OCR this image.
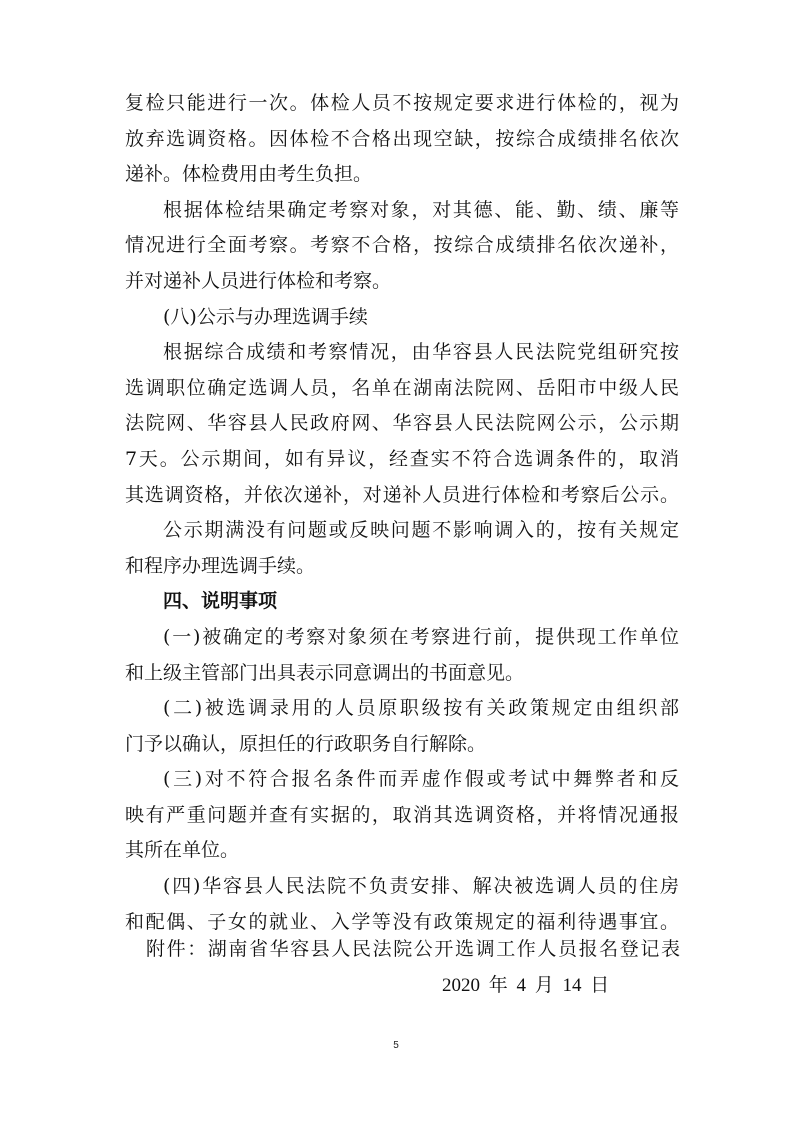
复检只能进行一次。体检人员不按规定要求进行体检的，视为
放弃选调资格。因体检不合格出现空缺，按综合成绩排名依次
递补。体检费用由考生负担。
根据体检结果确定考察对象，对其德、能、勤、绩、廉等
情况进行全面考察。考察不合格，按综合成绩排名依次递补，
并对递补人员进行体检和考察。
(八)公示与办理选调手续
根据综合成绩和考察情况，由华容县人民法院党组研究按
选调职位确定选调人员，名单在湖南法院网、岳阳市中级人民
法院网、华容县人民政府网、华容县人民法院网公示，公示期
7天。公示期间，如有异议，经查实不符合选调条件的，取消
其选调资格，并依次递补，对递补人员进行体检和考察后公示。
公示期满没有问题或反映问题不影响调入的，按有关规定
和程序办理选调手续。
四、说明事项
(一)被确定的考察对象须在考察进行前，提供现工作单位
和上级主管部门出具表示同意调出的书面意见。
(二)被选调录用的人员原职级按有关政策规定由组织部
门予以确认，原担任的行政职务自行解除。
(三)对不符合报名条件而弄虚作假或考试中舞弊者和反
映有严重问题并查有实据的，取消其选调资格，并将情况通报
其所在单位。
(四)华容县人民法院不负责安排、解决被选调人员的住房
和配偶、子女的就业、入学等没有政策规定的福利待遇事宜。
附件：湖南省华容县人民法院公开选调工作人员报名登记表
2020 年 4 月 14 日
5
